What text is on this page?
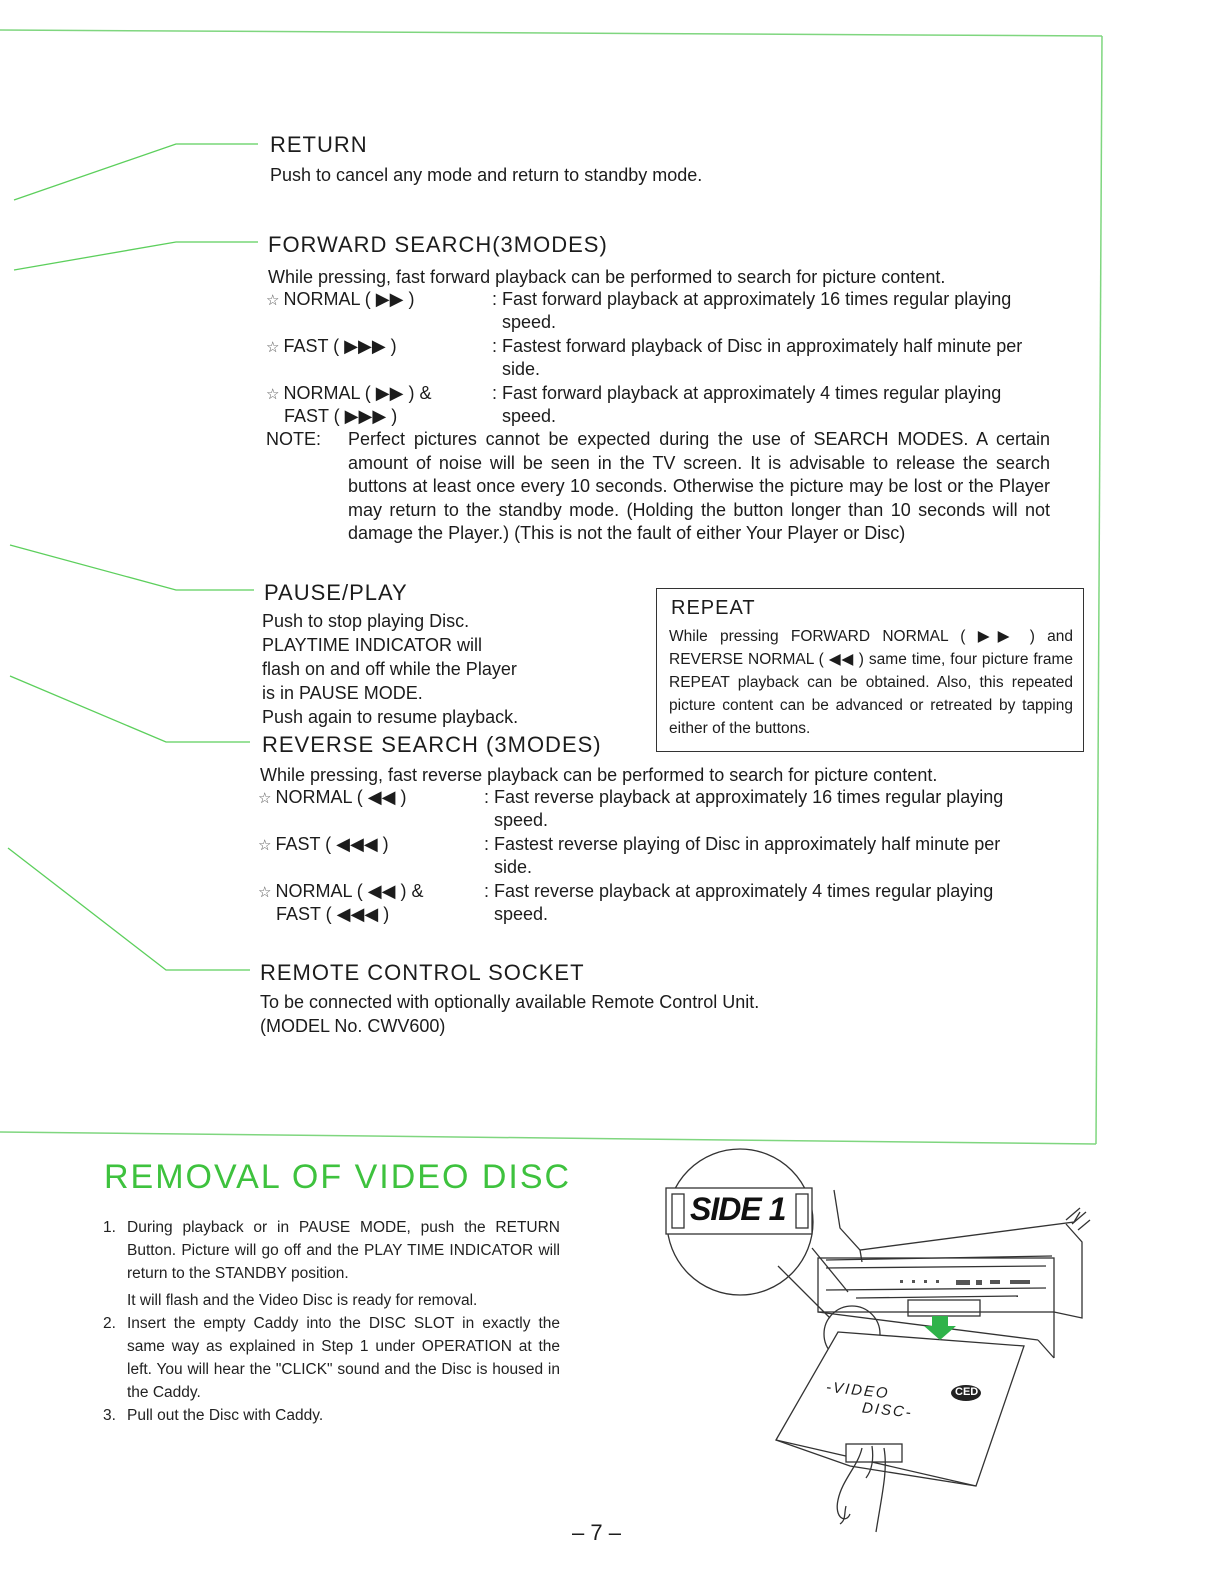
SIDE 1
-VIDEO
DISC-
CED
RETURN
Push to cancel any mode and return to standby mode.
FORWARD SEARCH(3MODES)
While pressing, fast forward playback can be performed to search for picture content.
☆ NORMAL ( ▶▶ )	: Fast forward playback at approximately 16 times regular playing speed.
☆ FAST ( ▶▶▶ )	: Fastest forward playback of Disc in approximately half minute per side.
☆ NORMAL ( ▶▶ ) &
FAST ( ▶▶▶ )
: Fast forward playback at approximately 4 times regular playing speed.
NOTE: Perfect pictures cannot be expected during the use of SEARCH MODES. A certain amount of noise will be seen in the TV screen. It is advisable to release the search buttons at least once every 10 seconds. Otherwise the picture may be lost or the Player may return to the standby mode. (Holding the button longer than 10 seconds will not damage the Player.) (This is not the fault of either Your Player or Disc)
PAUSE/PLAY
Push to stop playing Disc.
PLAYTIME INDICATOR will
flash on and off while the Player
is in PAUSE MODE.
Push again to resume playback.
REPEAT
While pressing FORWARD NORMAL ( ▶▶ ) and REVERSE NORMAL ( ◀◀ ) same time, four picture frame REPEAT playback can be obtained. Also, this repeated picture content can be advanced or retreated by tapping either of the buttons.
REVERSE SEARCH (3MODES)
While pressing, fast reverse playback can be performed to search for picture content.
☆ NORMAL ( ◀◀ )	: Fast reverse playback at approximately 16 times regular playing speed.
☆ FAST ( ◀◀◀ )	: Fastest reverse playing of Disc in approximately half minute per side.
☆ NORMAL ( ◀◀ ) &
FAST ( ◀◀◀ )
: Fast reverse playback at approximately 4 times regular playing speed.
REMOTE CONTROL SOCKET
To be connected with optionally available Remote Control Unit.
(MODEL No. CWV600)
REMOVAL OF VIDEO DISC
1. During playback or in PAUSE MODE, push the RETURN Button. Picture will go off and the PLAY TIME INDICATOR will return to the STANDBY position.

It will flash and the Video Disc is ready for removal.

2. Insert the empty Caddy into the DISC SLOT in exactly the same way as explained in Step 1 under OPERATION at the left. You will hear the "CLICK" sound and the Disc is housed in the Caddy.

3. Pull out the Disc with Caddy.

– 7 –
